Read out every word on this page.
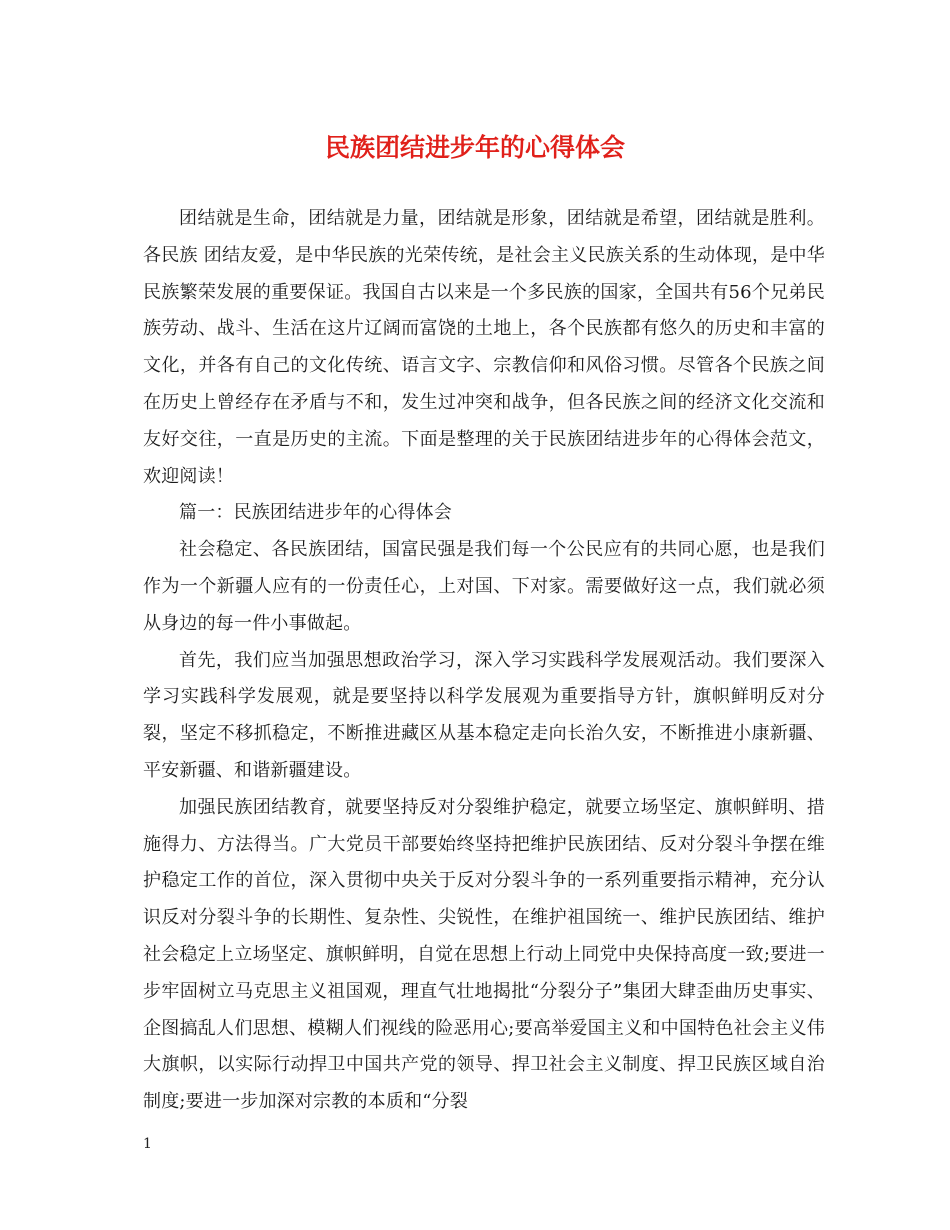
民族团结进步年的心得体会

团结就是生命，团结就是力量，团结就是形象，团结就是希望，团结就是胜利。各民族 团结友爱，是中华民族的光荣传统，是社会主义民族关系的生动体现，是中华民族繁荣发展的重要保证。我国自古以来是一个多民族的国家，全国共有56个兄弟民族劳动、战斗、生活在这片辽阔而富饶的土地上，各个民族都有悠久的历史和丰富的文化，并各有自己的文化传统、语言文字、宗教信仰和风俗习惯。尽管各个民族之间在历史上曾经存在矛盾与不和，发生过冲突和战争，但各民族之间的经济文化交流和友好交往，一直是历史的主流。下面是整理的关于民族团结进步年的心得体会范文，欢迎阅读！

篇一：民族团结进步年的心得体会

社会稳定、各民族团结，国富民强是我们每一个公民应有的共同心愿，也是我们作为一个新疆人应有的一份责任心，上对国、下对家。需要做好这一点，我们就必须从身边的每一件小事做起。

首先，我们应当加强思想政治学习，深入学习实践科学发展观活动。我们要深入学习实践科学发展观，就是要坚持以科学发展观为重要指导方针，旗帜鲜明反对分裂，坚定不移抓稳定，不断推进藏区从基本稳定走向长治久安，不断推进小康新疆、平安新疆、和谐新疆建设。

加强民族团结教育，就要坚持反对分裂维护稳定，就要立场坚定、旗帜鲜明、措施得力、方法得当。广大党员干部要始终坚持把维护民族团结、反对分裂斗争摆在维护稳定工作的首位，深入贯彻中央关于反对分裂斗争的一系列重要指示精神，充分认识反对分裂斗争的长期性、复杂性、尖锐性，在维护祖国统一、维护民族团结、维护社会稳定上立场坚定、旗帜鲜明，自觉在思想上行动上同党中央保持高度一致;要进一步牢固树立马克思主义祖国观，理直气壮地揭批“分裂分子”集团大肆歪曲历史事实、企图搞乱人们思想、模糊人们视线的险恶用心;要高举爱国主义和中国特色社会主义伟大旗帜，以实际行动捍卫中国共产党的领导、捍卫社会主义制度、捍卫民族区域自治制度;要进一步加深对宗教的本质和“分裂

1
